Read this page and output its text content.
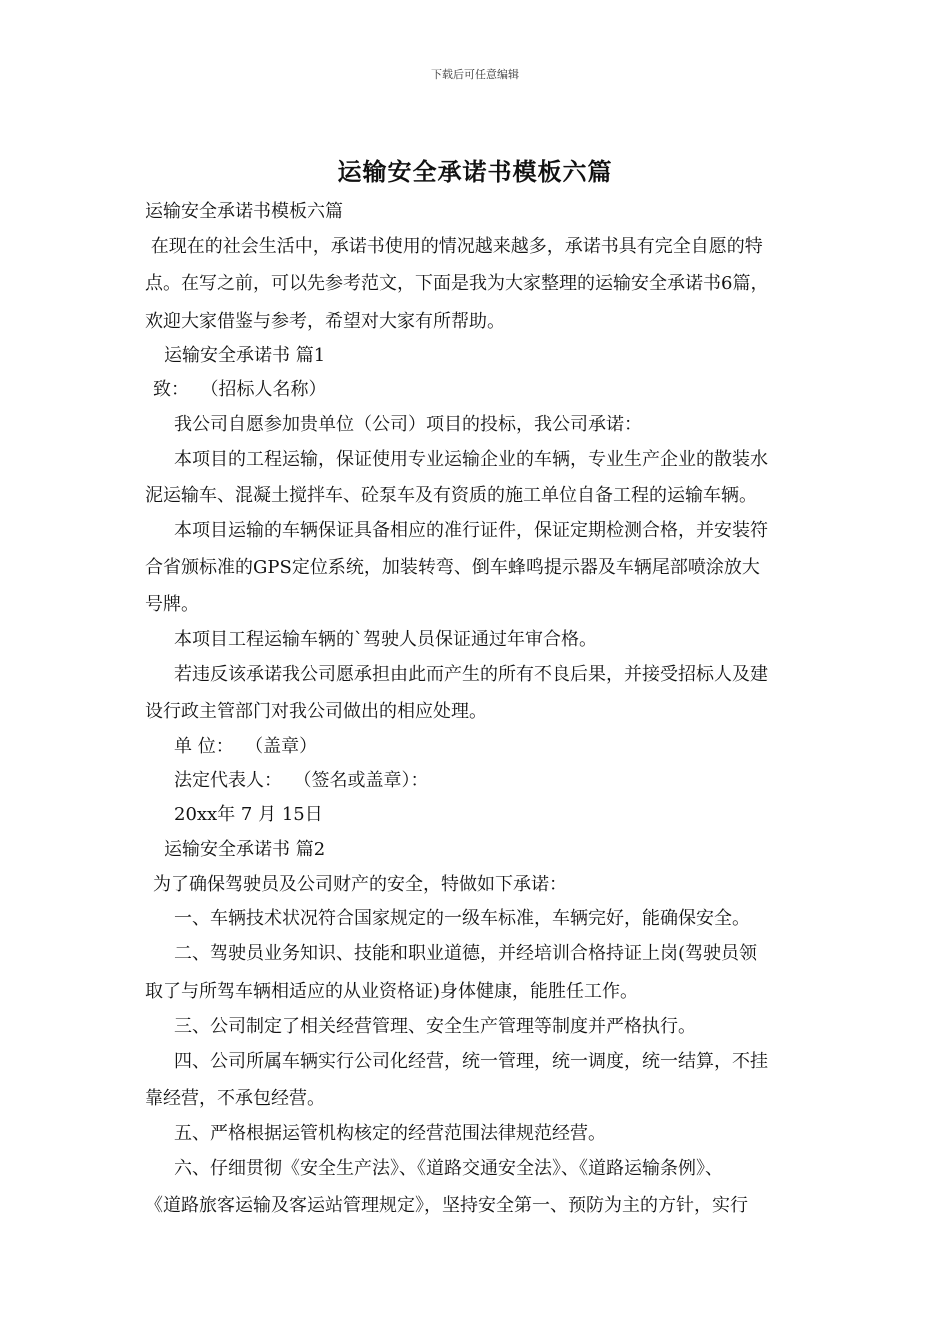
下载后可任意编辑
运输安全承诺书模板六篇
运输安全承诺书模板六篇
在现在的社会生活中，承诺书使用的情况越来越多，承诺书具有完全自愿的特
点。在写之前，可以先参考范文，下面是我为大家整理的运输安全承诺书6篇，
欢迎大家借鉴与参考，希望对大家有所帮助。
运输安全承诺书 篇1
致：  （招标人名称）
我公司自愿参加贵单位（公司）项目的投标，我公司承诺：
本项目的工程运输，保证使用专业运输企业的车辆，专业生产企业的散装水
泥运输车、混凝土搅拌车、砼泵车及有资质的施工单位自备工程的运输车辆。
本项目运输的车辆保证具备相应的准行证件，保证定期检测合格，并安装符
合省颁标准的GPS定位系统，加装转弯、倒车蜂鸣提示器及车辆尾部喷涂放大
号牌。
本项目工程运输车辆的`驾驶人员保证通过年审合格。
若违反该承诺我公司愿承担由此而产生的所有不良后果，并接受招标人及建
设行政主管部门对我公司做出的相应处理。
单 位：  （盖章）
法定代表人：  （签名或盖章）：
20xx年 7 月 15日
运输安全承诺书 篇2
为了确保驾驶员及公司财产的安全，特做如下承诺：
一、车辆技术状况符合国家规定的一级车标准，车辆完好，能确保安全。
二、驾驶员业务知识、技能和职业道德，并经培训合格持证上岗(驾驶员领
取了与所驾车辆相适应的从业资格证)身体健康，能胜任工作。
三、公司制定了相关经营管理、安全生产管理等制度并严格执行。
四、公司所属车辆实行公司化经营，统一管理，统一调度，统一结算，不挂
靠经营，不承包经营。
五、严格根据运管机构核定的经营范围法律规范经营。
六、仔细贯彻《安全生产法》、《道路交通安全法》、《道路运输条例》、
《道路旅客运输及客运站管理规定》，坚持安全第一、预防为主的方针，实行
